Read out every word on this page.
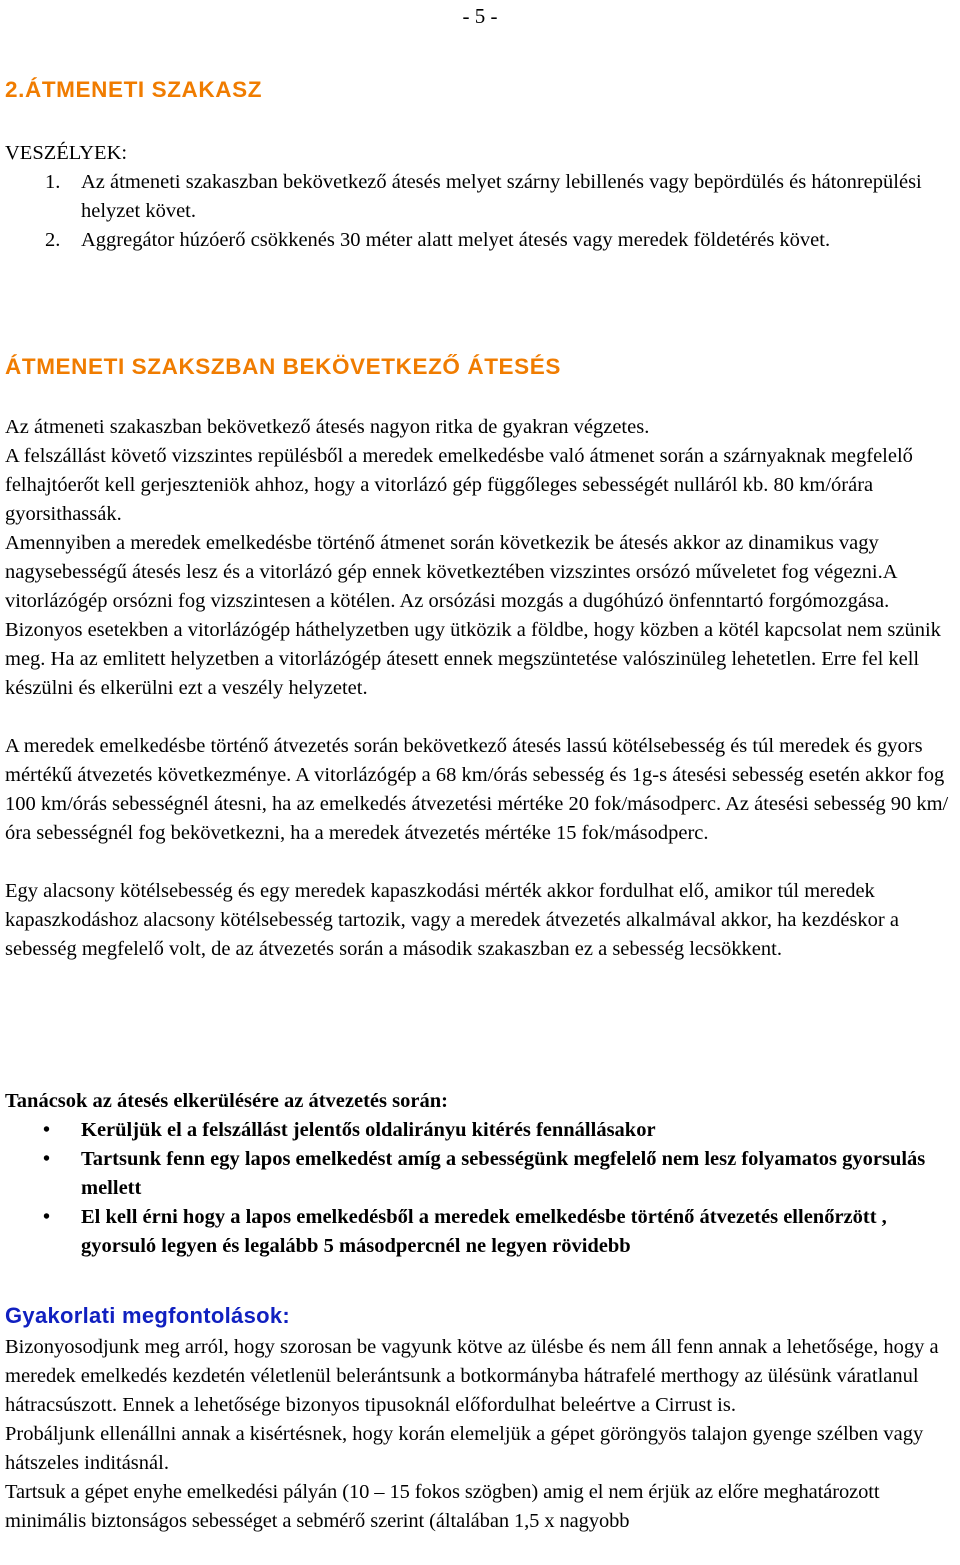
- 5 -
2.ÁTMENETI SZAKASZ

VESZÉLYEK:

1. Az átmeneti szakaszban bekövetkező átesés melyet szárny lebillenés vagy bepördülés és hátonrepülési helyzet követ.
2. Aggregátor húzóerő csökkenés 30 méter alatt melyet átesés vagy meredek földetérés követ.
ÁTMENETI SZAKSZBAN BEKÖVETKEZŐ ÁTESÉS

Az átmeneti szakaszban bekövetkező átesés nagyon ritka de gyakran végzetes.

A felszállást követő vizszintes repülésből a meredek emelkedésbe való átmenet során a szárnyaknak megfelelő felhajtóerőt kell gerjeszteniök ahhoz, hogy a vitorlázó gép függőleges sebességét nulláról kb. 80 km/órára gyorsithassák.

Amennyiben a meredek emelkedésbe történő átmenet során következik be átesés akkor az dinamikus vagy nagysebességű átesés lesz és a vitorlázó gép ennek következtében vizszintes orsózó műveletet fog végezni.A vitorlázógép orsózni fog vizszintesen a kötélen. Az orsózási mozgás a dugóhúzó önfenntartó forgómozgása. Bizonyos esetekben a vitorlázógép háthelyzetben ugy ütközik a földbe, hogy közben a kötél kapcsolat nem szünik meg. Ha az emlitett helyzetben a vitorlázógép átesett ennek megszüntetése valószinüleg lehetetlen. Erre fel kell készülni és elkerülni ezt a veszély helyzetet.

A meredek emelkedésbe történő átvezetés során bekövetkező átesés lassú kötélsebesség és túl meredek és gyors mértékű átvezetés következménye. A vitorlázógép a 68 km/órás sebesség és 1g-s átesési sebesség esetén akkor fog 100 km/órás sebességnél átesni, ha az emelkedés átvezetési mértéke 20 fok/másodperc. Az átesési sebesség 90 km/óra sebességnél fog bekövetkezni, ha a meredek átvezetés mértéke 15 fok/másodperc.

Egy alacsony kötélsebesség és egy meredek kapaszkodási mérték akkor fordulhat elő, amikor túl meredek kapaszkodáshoz alacsony kötélsebesség tartozik, vagy a meredek átvezetés alkalmával akkor, ha kezdéskor a sebesség megfelelő volt, de az átvezetés során a második szakaszban ez a sebesség lecsökkent.

Tanácsok az átesés elkerülésére az átvezetés során:

• Kerüljük el a felszállást jelentős oldalirányu kitérés fennállásakor
• Tartsunk fenn egy lapos emelkedést amíg a sebességünk megfelelő nem lesz folyamatos gyorsulás mellett
• El kell érni hogy a lapos emelkedésből a meredek emelkedésbe történő átvezetés ellenőrzött , gyorsuló legyen és legalább 5 másodpercnél ne legyen rövidebb
Gyakorlati megfontolások:

Bizonyosodjunk meg arról, hogy szorosan be vagyunk kötve az ülésbe és nem áll fenn annak a lehetősége, hogy a meredek emelkedés kezdetén véletlenül belerántsunk a botkormányba hátrafelé merthogy az ülésünk váratlanul hátracsúszott. Ennek a lehetősége bizonyos tipusoknál előfordulhat beleértve a Cirrust is.

Probáljunk ellenállni annak a kisértésnek, hogy korán elemeljük a gépet göröngyös talajon gyenge szélben vagy hátszeles inditásnál.

Tartsuk a gépet enyhe emelkedési pályán (10 – 15 fokos szögben) amig el nem érjük az előre meghatározott minimális biztonságos sebességet a sebmérő szerint (általában 1,5 x nagyobb
